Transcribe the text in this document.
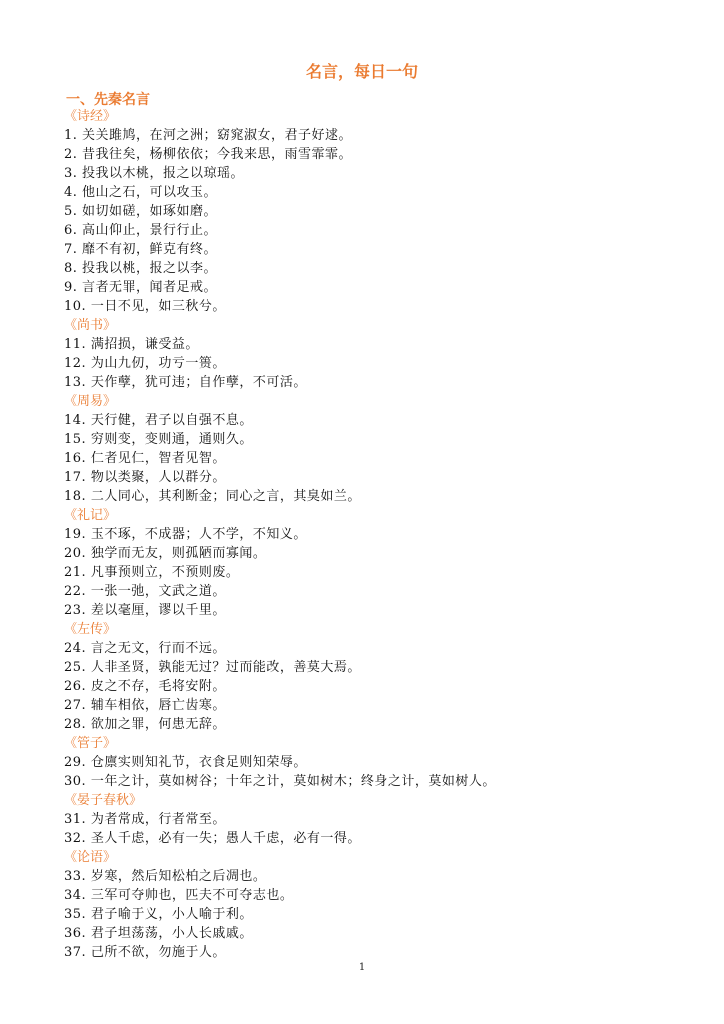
名言，每日一句
一、先秦名言
《诗经》
1. 关关雎鸠，在河之洲；窈窕淑女，君子好逑。
2. 昔我往矣，杨柳依依；今我来思，雨雪霏霏。
3. 投我以木桃，报之以琼瑶。
4. 他山之石，可以攻玉。
5. 如切如磋，如琢如磨。
6. 高山仰止，景行行止。
7. 靡不有初，鲜克有终。
8. 投我以桃，报之以李。
9. 言者无罪，闻者足戒。
10. 一日不见，如三秋兮。
《尚书》
11. 满招损，谦受益。
12. 为山九仞，功亏一篑。
13. 天作孽，犹可违；自作孽，不可活。
《周易》
14. 天行健，君子以自强不息。
15. 穷则变，变则通，通则久。
16. 仁者见仁，智者见智。
17. 物以类聚，人以群分。
18. 二人同心，其利断金；同心之言，其臭如兰。
《礼记》
19. 玉不琢，不成器；人不学，不知义。
20. 独学而无友，则孤陋而寡闻。
21. 凡事预则立，不预则废。
22. 一张一弛，文武之道。
23. 差以毫厘，谬以千里。
《左传》
24. 言之无文，行而不远。
25. 人非圣贤，孰能无过？过而能改，善莫大焉。
26. 皮之不存，毛将安附。
27. 辅车相依，唇亡齿寒。
28. 欲加之罪，何患无辞。
《管子》
29. 仓廪实则知礼节，衣食足则知荣辱。
30. 一年之计，莫如树谷；十年之计，莫如树木；终身之计，莫如树人。
《晏子春秋》
31. 为者常成，行者常至。
32. 圣人千虑，必有一失；愚人千虑，必有一得。
《论语》
33. 岁寒，然后知松柏之后凋也。
34. 三军可夺帅也，匹夫不可夺志也。
35. 君子喻于义，小人喻于利。
36. 君子坦荡荡，小人长戚戚。
37. 己所不欲，勿施于人。
1
